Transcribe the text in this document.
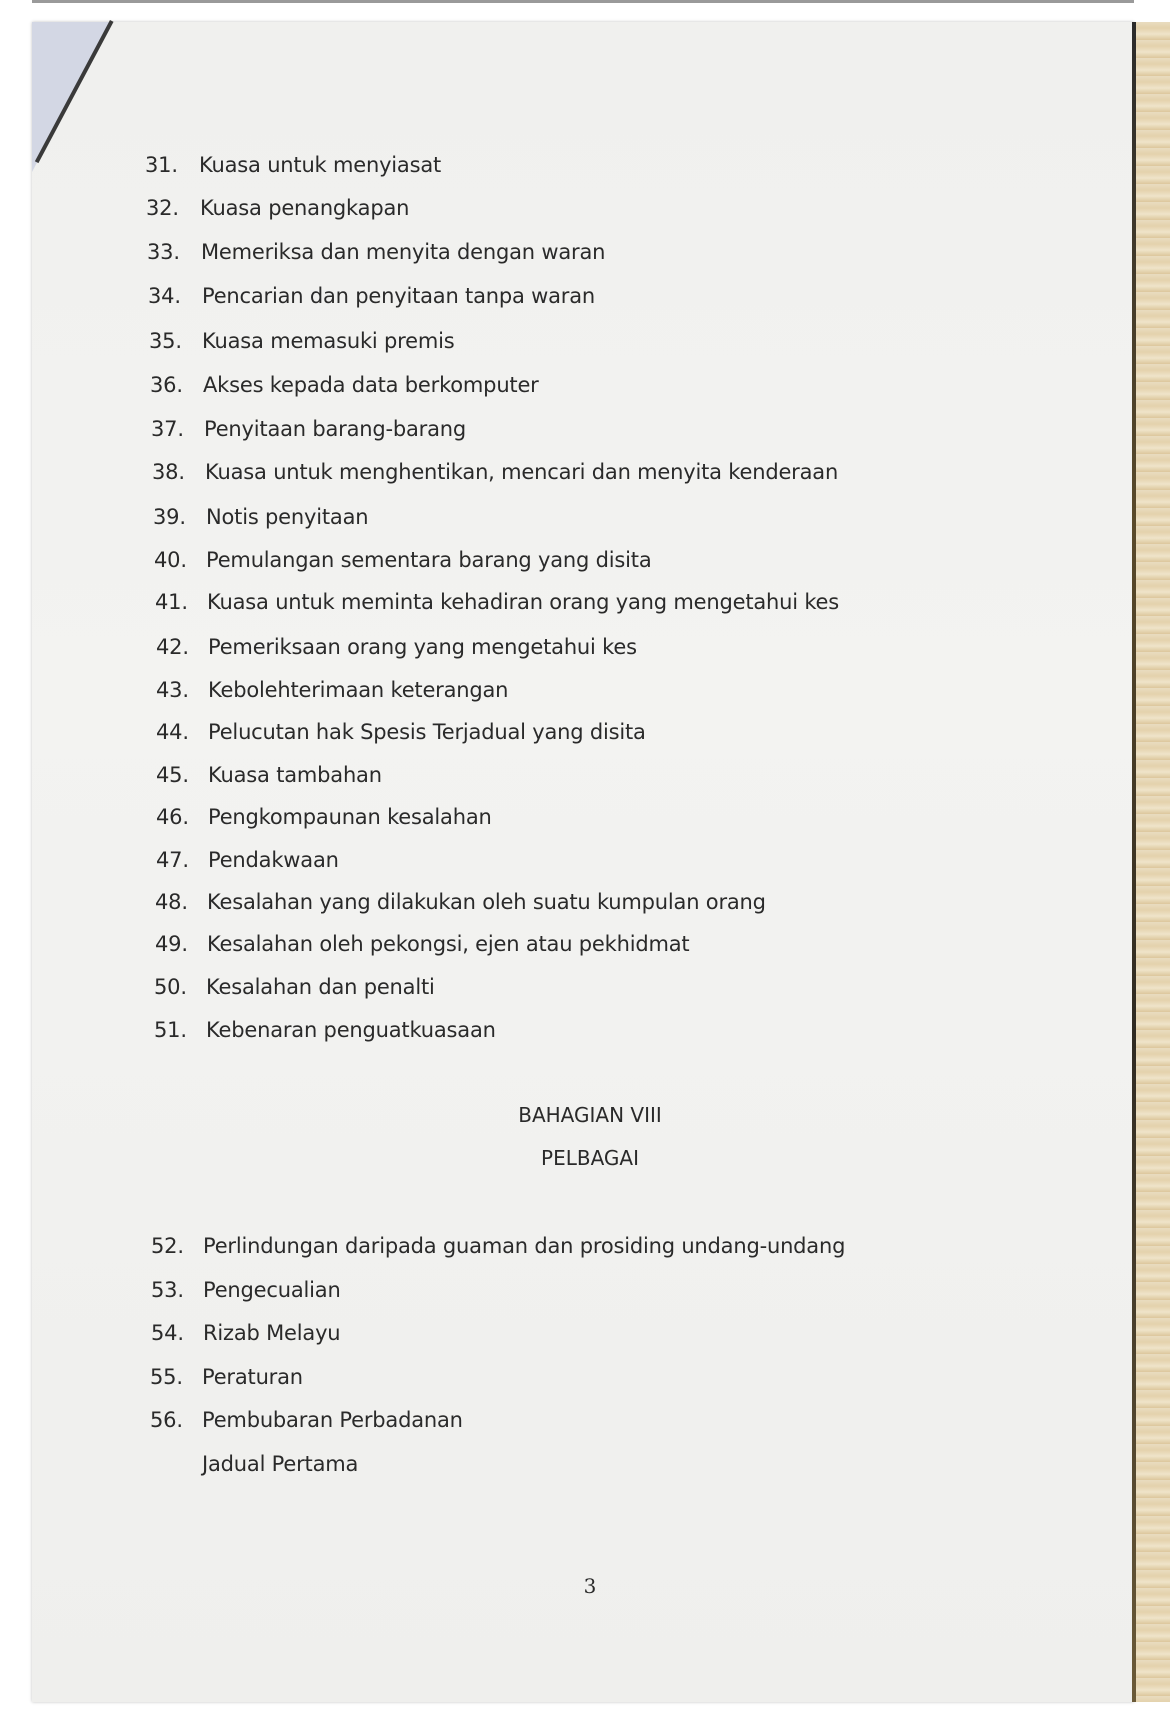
31. Kuasa untuk menyiasat
32. Kuasa penangkapan
33. Memeriksa dan menyita dengan waran
34. Pencarian dan penyitaan tanpa waran
35. Kuasa memasuki premis
36. Akses kepada data berkomputer
37. Penyitaan barang-barang
38. Kuasa untuk menghentikan, mencari dan menyita kenderaan
39. Notis penyitaan
40. Pemulangan sementara barang yang disita
41. Kuasa untuk meminta kehadiran orang yang mengetahui kes
42. Pemeriksaan orang yang mengetahui kes
43. Kebolehterimaan keterangan
44. Pelucutan hak Spesis Terjadual yang disita
45. Kuasa tambahan
46. Pengkompaunan kesalahan
47. Pendakwaan
48. Kesalahan yang dilakukan oleh suatu kumpulan orang
49. Kesalahan oleh pekongsi, ejen atau pekhidmat
50. Kesalahan dan penalti
51. Kebenaran penguatkuasaan
BAHAGIAN VIII
PELBAGAI
52. Perlindungan daripada guaman dan prosiding undang-undang
53. Pengecualian
54. Rizab Melayu
55. Peraturan
56. Pembubaran Perbadanan
Jadual Pertama
3
